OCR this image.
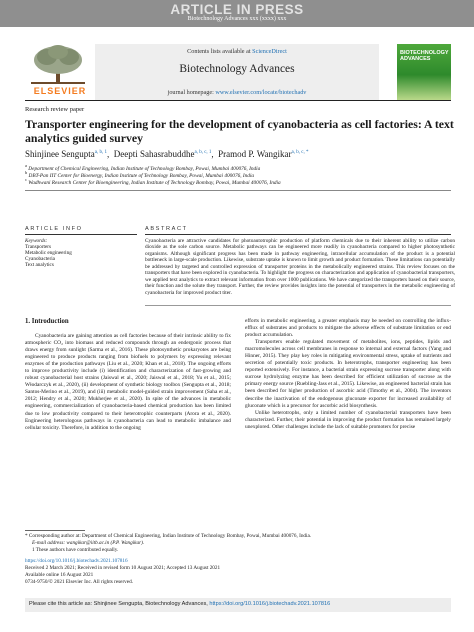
ARTICLE IN PRESS
Biotechnology Advances xxx (xxxx) xxx
ELSEVIER
Contents lists available at ScienceDirect
Biotechnology Advances
journal homepage: www.elsevier.com/locate/biotechadv
BIOTECHNOLOGY ADVANCES
Research review paper
Transporter engineering for the development of cyanobacteria as cell factories: A text analytics guided survey
Shinjinee Sengupta$^{a, b, 1}$,  Deepti Sahasrabuddhe$^{a, b, c, 1}$,  Pramod P. Wangikar$^{a, b, c, *}$
$^a$ Department of Chemical Engineering, Indian Institute of Technology Bombay, Powai, Mumbai 400076, India
$^b$ DBT-Pan IIT Center for Bioenergy, Indian Institute of Technology Bombay, Powai, Mumbai 400076, India
$^c$ Wadhwani Research Center for Bioengineering, Indian Institute of Technology Bombay, Powai, Mumbai 400076, India
ARTICLE INFO	ABSTRACT
Keywords:
Transporters
Metabolic engineering
Cyanobacteria
Text analytics
Cyanobacteria are attractive candidates for photoautotrophic production of platform chemicals due to their inherent ability to utilize carbon dioxide as the sole carbon source. Metabolic pathways can be engineered more readily in cyanobacteria compared to higher photosynthetic organisms. Although significant progress has been made in pathway engineering, intracellular accumulation of the product is a potential bottleneck in large-scale production. Likewise, substrate uptake is known to limit growth and product formation. These limitations can potentially be addressed by targeted and controlled expression of transporter proteins in the metabolically engineered strains. This review focuses on the transporters that have been explored in cyanobacteria. To highlight the progress on characterization and application of cyanobacterial transporters, we applied text analytics to extract relevant information from over 1000 publications. We have categorized the transporters based on their source, their function and the solute they transport. Further, the review provides insights into the potential of transporters in the metabolic engineering of cyanobacteria for improved product titer.
1. Introduction

Cyanobacteria are gaining attention as cell factories because of their intrinsic ability to fix atmospheric CO₂ into biomass and reduced compounds through an endergonic process that draws energy from sunlight (Sarma et al., 2016). These photosynthetic prokaryotes are being engineered to produce products ranging from biofuels to polymers by expressing relevant enzymes of the production pathways (Liu et al., 2020; Khan et al., 2018). The ongoing efforts to improve productivity include (i) identification and characterization of fast-growing and robust cyanobacterial host strains (Jaiswal et al., 2020; Jaiswal et al., 2018; Yu et al., 2015; Włodarczyk et al., 2020), (ii) development of synthetic biology toolbox (Sengupta et al., 2018; Santos-Merino et al., 2019), and (iii) metabolic model-guided strain improvement (Saha et al., 2012; Hendry et al., 2020; Mukherjee et al., 2020). In spite of the advances in metabolic engineering, commercialization of cyanobacteria-based chemical production has been limited due to low productivity compared to their heterotrophic counterparts (Arora et al., 2020). Engineering heterologous pathways in cyanobacteria can lead to metabolic imbalance and cellular toxicity. Therefore, in addition to the ongoing

efforts in metabolic engineering, a greater emphasis may be needed on controlling the influx-efflux of substrates and products to mitigate the adverse effects of substrate limitation or end product accumulation.

Transporters enable regulated movement of metabolites, ions, peptides, lipids and macromolecules across cell membranes in response to internal and external factors (Yang and Hinner, 2015). They play key roles in mitigating environmental stress, uptake of nutrients and secretion of potentially toxic products. In heterotrophs, transporter engineering has been reported extensively. For instance, a bacterial strain expressing sucrose transporter along with sucrose hydrolyzing enzyme has been described for efficient utilization of sucrose as the primary energy source (Ruebling-Jass et al., 2015). Likewise, an engineered bacterial strain has been described for higher production of ascorbic acid (Timothy et al., 2004). The inventors describe the inactivation of the endogenous gluconate exporter for increased availability of gluconate which is a precursor for ascorbic acid biosynthesis.

Unlike heterotrophs, only a limited number of cyanobacterial transporters have been characterized. Further, their potential in improving the product formation has remained largely unexplored. Other challenges include the lack of suitable promoters for precise

* Corresponding author at: Department of Chemical Engineering, Indian Institute of Technology Bombay, Powai, Mumbai 400076, India.
E-mail address: wangikar@iitb.ac.in (P.P. Wangikar).
1 These authors have contributed equally.
https://doi.org/10.1016/j.biotechadv.2021.107816
Received 2 March 2021; Received in revised form 10 August 2021; Accepted 13 August 2021
Available online 16 August 2021
0734-9750/© 2021 Elsevier Inc. All rights reserved.
Please cite this article as: Shinjinee Sengupta, Biotechnology Advances, https://doi.org/10.1016/j.biotechadv.2021.107816
